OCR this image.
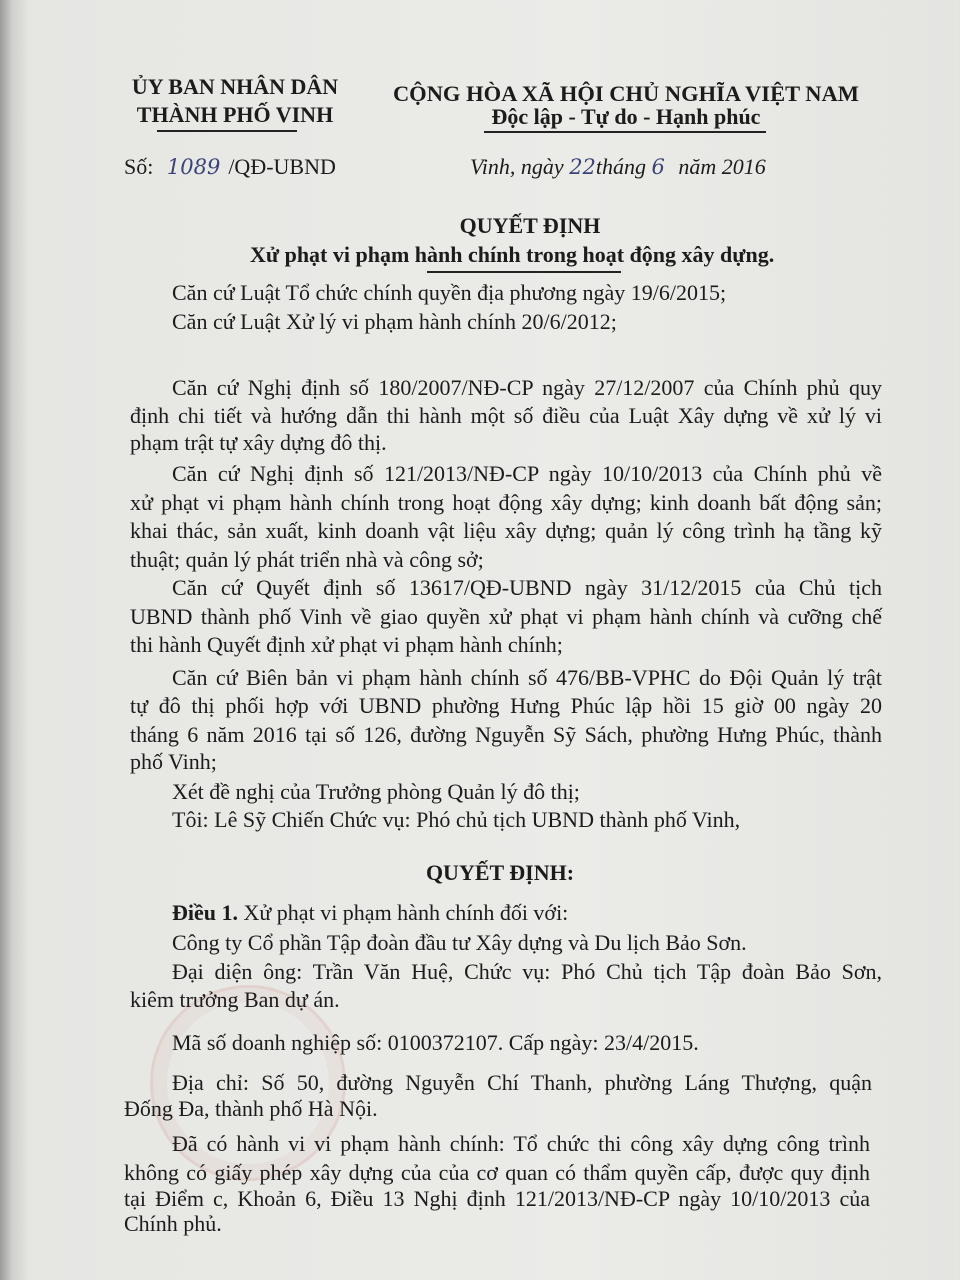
ỦY BAN NHÂN DÂN
THÀNH PHỐ VINH
CỘNG HÒA XÃ HỘI CHỦ NGHĨA VIỆT NAM
Độc lập - Tự do - Hạnh phúc
Số: 1089 /QĐ-UBND	Vinh, ngày 22tháng 6 năm 2016
QUYẾT ĐỊNH
Xử phạt vi phạm hành chính trong hoạt động xây dựng.
Căn cứ Luật Tổ chức chính quyền địa phương ngày 19/6/2015;
Căn cứ Luật Xử lý vi phạm hành chính 20/6/2012;
Căn cứ Nghị định số 180/2007/NĐ-CP ngày 27/12/2007 của Chính phủ quy
định chi tiết và hướng dẫn thi hành một số điều của Luật Xây dựng về xử lý vi
phạm trật tự xây dựng đô thị.
Căn cứ Nghị định số 121/2013/NĐ-CP ngày 10/10/2013 của Chính phủ về
xử phạt vi phạm hành chính trong hoạt động xây dựng; kinh doanh bất động sản;
khai thác, sản xuất, kinh doanh vật liệu xây dựng; quản lý công trình hạ tầng kỹ
thuật; quản lý phát triển nhà và công sở;
Căn cứ Quyết định số 13617/QĐ-UBND ngày 31/12/2015 của Chủ tịch
UBND thành phố Vinh về giao quyền xử phạt vi phạm hành chính và cưỡng chế
thi hành Quyết định xử phạt vi phạm hành chính;
Căn cứ Biên bản vi phạm hành chính số 476/BB-VPHC do Đội Quản lý trật
tự đô thị phối hợp với UBND phường Hưng Phúc lập hồi 15 giờ 00 ngày 20
tháng 6 năm 2016 tại số 126, đường Nguyễn Sỹ Sách, phường Hưng Phúc, thành
phố Vinh;
Xét đề nghị của Trưởng phòng Quản lý đô thị;
Tôi: Lê Sỹ Chiến Chức vụ: Phó chủ tịch UBND thành phố Vinh,
QUYẾT ĐỊNH:
Điều 1. Xử phạt vi phạm hành chính đối với:
Công ty Cổ phần Tập đoàn đầu tư Xây dựng và Du lịch Bảo Sơn.
Đại diện ông: Trần Văn Huệ, Chức vụ: Phó Chủ tịch Tập đoàn Bảo Sơn,
kiêm trưởng Ban dự án.
Mã số doanh nghiệp số: 0100372107. Cấp ngày: 23/4/2015.
Địa chỉ: Số 50, đường Nguyễn Chí Thanh, phường Láng Thượng, quận
Đống Đa, thành phố Hà Nội.
Đã có hành vi vi phạm hành chính: Tổ chức thi công xây dựng công trình
không có giấy phép xây dựng của của cơ quan có thẩm quyền cấp, được quy định
tại Điểm c, Khoản 6, Điều 13 Nghị định 121/2013/NĐ-CP ngày 10/10/2013 của
Chính phủ.
